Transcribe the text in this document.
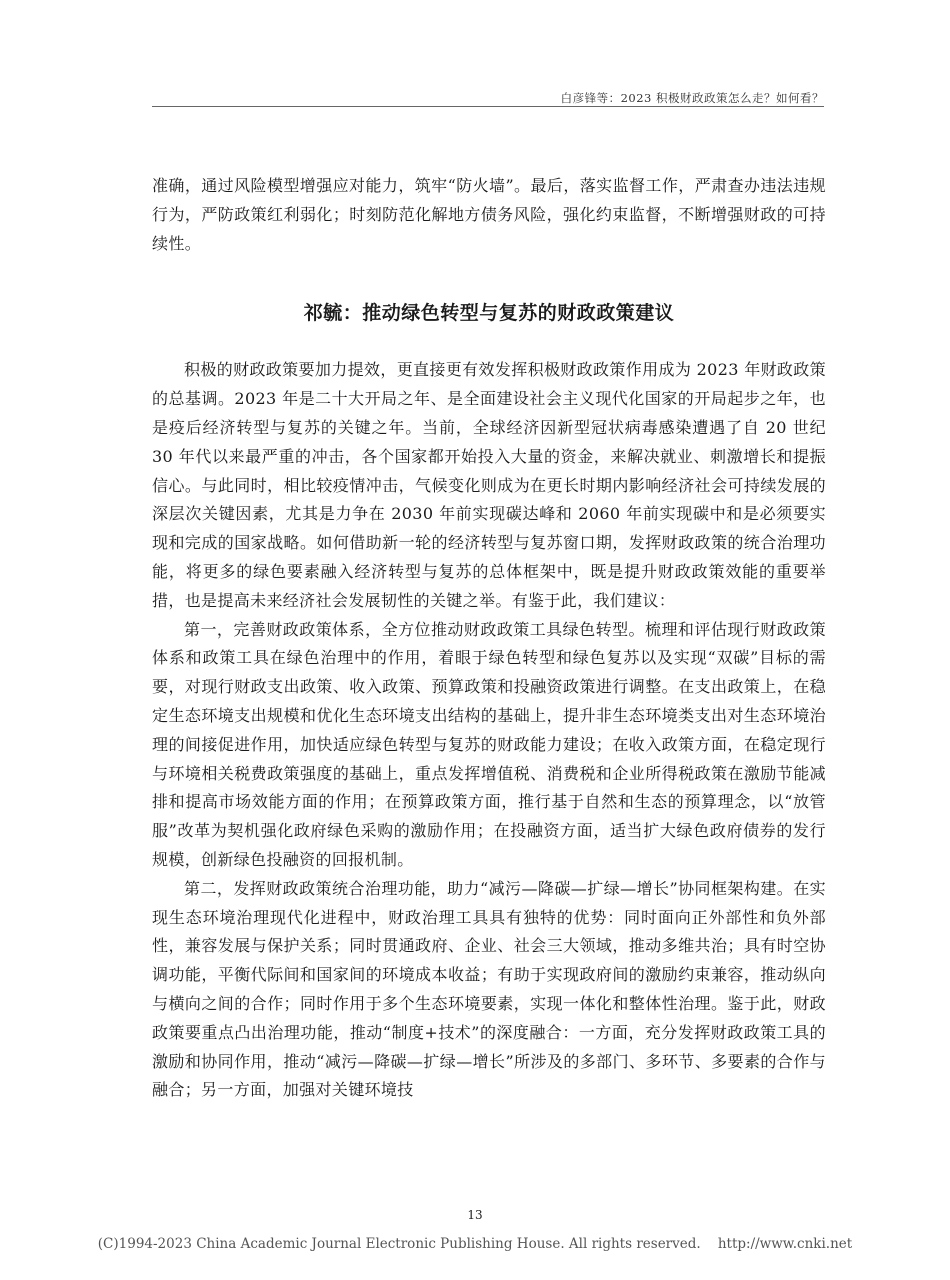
白彦锋等：2023 积极财政政策怎么走？如何看？

准确，通过风险模型增强应对能力，筑牢“防火墙”。最后，落实监督工作，严肃查办违法违规行为，严防政策红利弱化；时刻防范化解地方债务风险，强化约束监督，不断增强财政的可持续性。

祁毓：推动绿色转型与复苏的财政政策建议

积极的财政政策要加力提效，更直接更有效发挥积极财政政策作用成为 2023 年财政政策的总基调。2023 年是二十大开局之年、是全面建设社会主义现代化国家的开局起步之年，也是疫后经济转型与复苏的关键之年。当前，全球经济因新型冠状病毒感染遭遇了自 20 世纪 30 年代以来最严重的冲击，各个国家都开始投入大量的资金，来解决就业、刺激增长和提振信心。与此同时，相比较疫情冲击，气候变化则成为在更长时期内影响经济社会可持续发展的深层次关键因素，尤其是力争在 2030 年前实现碳达峰和 2060 年前实现碳中和是必须要实现和完成的国家战略。如何借助新一轮的经济转型与复苏窗口期，发挥财政政策的统合治理功能，将更多的绿色要素融入经济转型与复苏的总体框架中，既是提升财政政策效能的重要举措，也是提高未来经济社会发展韧性的关键之举。有鉴于此，我们建议：

第一，完善财政政策体系，全方位推动财政政策工具绿色转型。梳理和评估现行财政政策体系和政策工具在绿色治理中的作用，着眼于绿色转型和绿色复苏以及实现“双碳”目标的需要，对现行财政支出政策、收入政策、预算政策和投融资政策进行调整。在支出政策上，在稳定生态环境支出规模和优化生态环境支出结构的基础上，提升非生态环境类支出对生态环境治理的间接促进作用，加快适应绿色转型与复苏的财政能力建设；在收入政策方面，在稳定现行与环境相关税费政策强度的基础上，重点发挥增值税、消费税和企业所得税政策在激励节能减排和提高市场效能方面的作用；在预算政策方面，推行基于自然和生态的预算理念，以“放管服”改革为契机强化政府绿色采购的激励作用；在投融资方面，适当扩大绿色政府债券的发行规模，创新绿色投融资的回报机制。

第二，发挥财政政策统合治理功能，助力“减污—降碳—扩绿—增长”协同框架构建。在实现生态环境治理现代化进程中，财政治理工具具有独特的优势：同时面向正外部性和负外部性，兼容发展与保护关系；同时贯通政府、企业、社会三大领域，推动多维共治；具有时空协调功能，平衡代际间和国家间的环境成本收益；有助于实现政府间的激励约束兼容，推动纵向与横向之间的合作；同时作用于多个生态环境要素，实现一体化和整体性治理。鉴于此，财政政策要重点凸出治理功能，推动“制度+技术”的深度融合：一方面，充分发挥财政政策工具的激励和协同作用，推动“减污—降碳—扩绿—增长”所涉及的多部门、多环节、多要素的合作与融合；另一方面，加强对关键环境技

13
(C)1994-2023 China Academic Journal Electronic Publishing House. All rights reserved.    http://www.cnki.net
